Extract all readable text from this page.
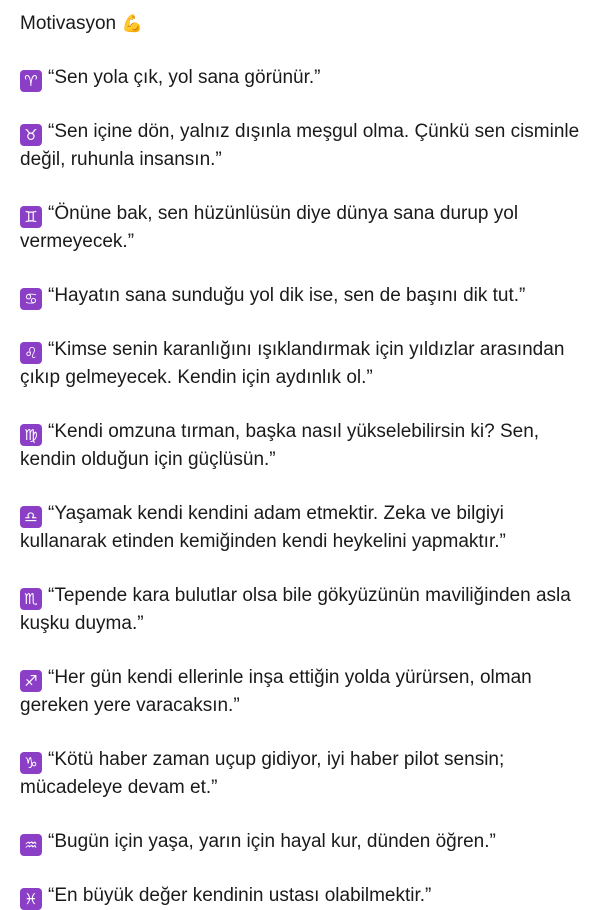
Motivasyon 💪
♈ “Sen yola çık, yol sana görünür.”
♉ “Sen içine dön, yalnız dışınla meşgul olma. Çünkü sen cisminle değil, ruhunla insansın.”
♊ “Önüne bak, sen hüzünlüsün diye dünya sana durup yol vermeyecek.”
♋ “Hayatın sana sunduğu yol dik ise, sen de başını dik tut.”
♌ “Kimse senin karanlığını ışıklandırmak için yıldızlar arasından çıkıp gelmeyecek. Kendin için aydınlık ol.”
♍ “Kendi omzuna tırman, başka nasıl yükselebilirsin ki? Sen, kendin olduğun için güçlüsün.”
♎ “Yaşamak kendi kendini adam etmektir. Zeka ve bilgiyi kullanarak etinden kemiğinden kendi heykelini yapmaktır.”
♏ “Tepende kara bulutlar olsa bile gökyüzünün maviliğinden asla kuşku duyma.”
♐ “Her gün kendi ellerinle inşa ettiğin yolda yürürsen, olman gereken yere varacaksın.”
♑ “Kötü haber zaman uçup gidiyor, iyi haber pilot sensin; mücadeleye devam et.”
♒ “Bugün için yaşa, yarın için hayal kur, dünden öğren.”
♓ “En büyük değer kendinin ustası olabilmektir.”
